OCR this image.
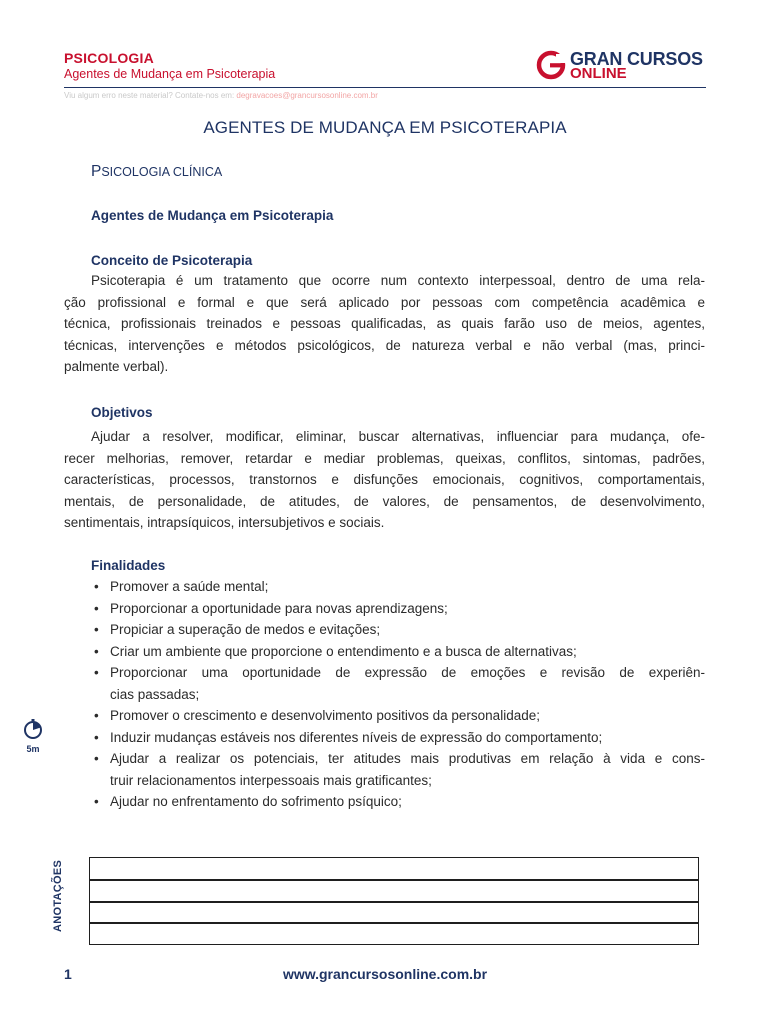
PSICOLOGIA
Agentes de Mudança em Psicoterapia
Viu algum erro neste material? Contate-nos em: degravacoes@grancursosonline.com.br
GRAN CURSOS
ONLINE
AGENTES DE MUDANÇA EM PSICOTERAPIA
PSICOLOGIA CLÍNICA
Agentes de Mudança em Psicoterapia
Conceito de Psicoterapia
Psicoterapia é um tratamento que ocorre num contexto interpessoal, dentro de uma rela-
ção profissional e formal e que será aplicado por pessoas com competência acadêmica e
técnica, profissionais treinados e pessoas qualificadas, as quais farão uso de meios, agentes,
técnicas, intervenções e métodos psicológicos, de natureza verbal e não verbal (mas, princi-
palmente verbal).
Objetivos
Ajudar a resolver, modificar, eliminar, buscar alternativas, influenciar para mudança, ofe-
recer melhorias, remover, retardar e mediar problemas, queixas, conflitos, sintomas, padrões,
características, processos, transtornos e disfunções emocionais, cognitivos, comportamentais,
mentais, de personalidade, de atitudes, de valores, de pensamentos, de desenvolvimento,
sentimentais, intrapsíquicos, intersubjetivos e sociais.
Finalidades
• Promover a saúde mental;
• Proporcionar a oportunidade para novas aprendizagens;
• Propiciar a superação de medos e evitações;
• Criar um ambiente que proporcione o entendimento e a busca de alternativas;
• Proporcionar uma oportunidade de expressão de emoções e revisão de experiên-
cias passadas;
• Promover o crescimento e desenvolvimento positivos da personalidade;
• Induzir mudanças estáveis nos diferentes níveis de expressão do comportamento;
• Ajudar a realizar os potenciais, ter atitudes mais produtivas em relação à vida e cons-
truir relacionamentos interpessoais mais gratificantes;
• Ajudar no enfrentamento do sofrimento psíquico;
5m
ANOTAÇÕES
1	www.grancursosonline.com.br
